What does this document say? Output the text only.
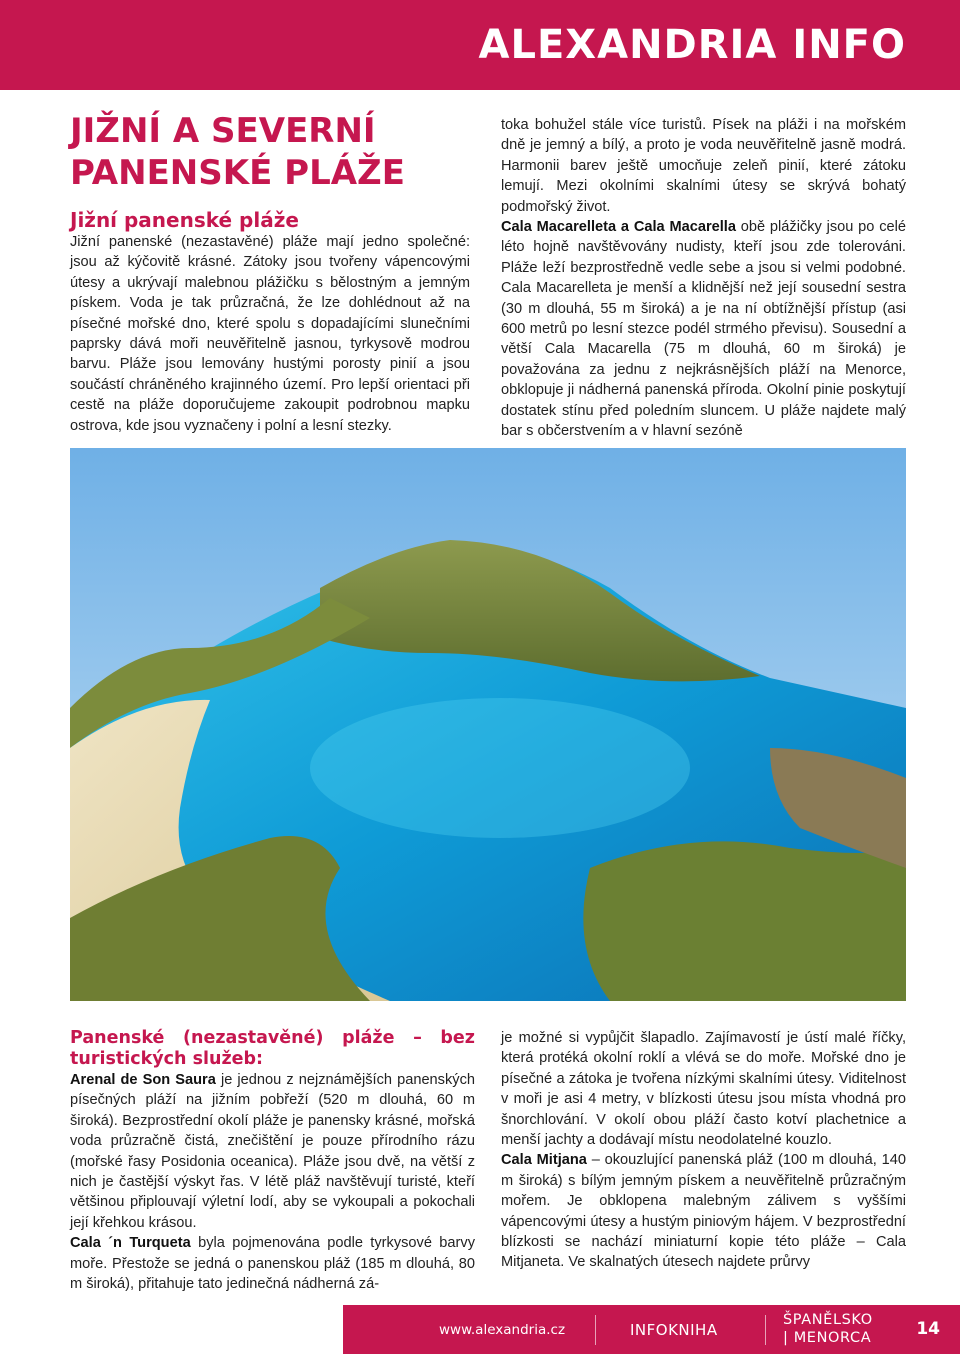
ALEXANDRIA INFO
JIŽNÍ A SEVERNÍ
PANENSKÉ PLÁŽE
Jižní panenské pláže

Jižní panenské (nezastavěné) pláže mají jedno společné: jsou až kýčovitě krásné. Zátoky jsou tvořeny vápencovými útesy a ukrývají malebnou plážičku s bělostným a jemným pískem. Voda je tak průzračná, že lze dohlédnout až na písečné mořské dno, které spolu s dopadajícími slunečními paprsky dává moři neuvěřitelně jasnou, tyrkysově modrou barvu. Pláže jsou lemovány hustými porosty pinií a jsou součástí chráněného krajinného území. Pro lepší orientaci při cestě na pláže doporučujeme zakoupit podrobnou mapku ostrova, kde jsou vyznačeny i polní a lesní stezky.

toka bohužel stále více turistů. Písek na pláži i na mořském dně je jemný a bílý, a proto je voda neuvěřitelně jasně modrá. Harmonii barev ještě umocňuje zeleň pinií, které zátoku lemují. Mezi okolními skalními útesy se skrývá bohatý podmořský život.

Cala Macarelleta a Cala Macarella obě plážičky jsou po celé léto hojně navštěvovány nudisty, kteří jsou zde tolerováni. Pláže leží bezprostředně vedle sebe a jsou si velmi podobné. Cala Macarelleta je menší a klidnější než její sousední sestra (30 m dlouhá, 55 m široká) a je na ní obtížnější přístup (asi 600 metrů po lesní stezce podél strmého převisu). Sousední a větší Cala Macarella (75 m dlouhá, 60 m široká) je považována za jednu z nejkrásnějších pláží na Menorce, obklopuje ji nádherná panenská příroda. Okolní pinie poskytují dostatek stínu před poledním sluncem. U pláže najdete malý bar s občerstvením a v hlavní sezóně

Panenské (nezastavěné) pláže – bez turistických služeb:

Arenal de Son Saura je jednou z nejznámějších panenských písečných pláží na jižním pobřeží (520 m dlouhá, 60 m široká). Bezprostřední okolí pláže je panensky krásné, mořská voda průzračně čistá, znečištění je pouze přírodního rázu (mořské řasy Posidonia oceanica). Pláže jsou dvě, na větší z nich je častější výskyt řas. V létě pláž navštěvují turisté, kteří většinou připlouvají výletní lodí, aby se vykoupali a pokochali její křehkou krásou.

Cala ´n Turqueta byla pojmenována podle tyrkysové barvy moře. Přestože se jedná o panenskou pláž (185 m dlouhá, 80 m široká), přitahuje tato jedinečná nádherná zá-

je možné si vypůjčit šlapadlo. Zajímavostí je ústí malé říčky, která protéká okolní roklí a vlévá se do moře. Mořské dno je písečné a zátoka je tvořena nízkými skalními útesy. Viditelnost v moři je asi 4 metry, v blízkosti útesu jsou místa vhodná pro šnorchlování. V okolí obou pláží často kotví plachetnice a menší jachty a dodávají místu neodolatelné kouzlo.

Cala Mitjana – okouzlující panenská pláž (100 m dlouhá, 140 m široká) s bílým jemným pískem a neuvěřitelně průzračným mořem. Je obklopena malebným zálivem s vyššími vápencovými útesy a hustým piniovým hájem. V bezprostřední blízkosti se nachází miniaturní kopie této pláže – Cala Mitjaneta. Ve skalnatých útesech najdete průrvy

www.alexandria.cz	INFOKNIHA
ŠPANĚLSKO
| MENORCA	14
